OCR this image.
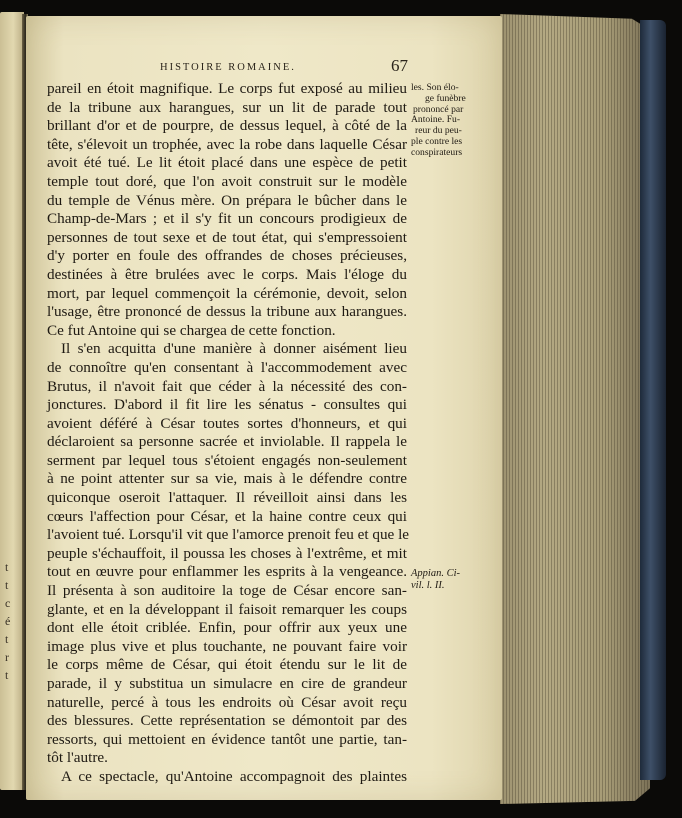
t
t
c
é
t
r
t
HISTOIRE ROMAINE.	67
pareil en étoit magnifique. Le corps fut exposé au milieu
de la tribune aux harangues, sur un lit de parade tout
brillant d'or et de pourpre, de dessus lequel, à côté de la
tête, s'élevoit un trophée, avec la robe dans laquelle César
avoit été tué. Le lit étoit placé dans une espèce de petit
temple tout doré, que l'on avoit construit sur le modèle
du temple de Vénus mère. On prépara le bûcher dans le
Champ-de-Mars ; et il s'y fit un concours prodigieux de
personnes de tout sexe et de tout état, qui s'empressoient
d'y porter en foule des offrandes de choses précieuses,
destinées à être brulées avec le corps. Mais l'éloge du
mort, par lequel commençoit la cérémonie, devoit, selon
l'usage, être prononcé de dessus la tribune aux harangues.
Ce fut Antoine qui se chargea de cette fonction.
Il s'en acquitta d'une manière à donner aisément lieu
de connoître qu'en consentant à l'accommodement avec
Brutus, il n'avoit fait que céder à la nécessité des con-
jonctures. D'abord il fit lire les sénatus - consultes qui
avoient déféré à César toutes sortes d'honneurs, et qui
déclaroient sa personne sacrée et inviolable. Il rappela le
serment par lequel tous s'étoient engagés non-seulement
à ne point attenter sur sa vie, mais à le défendre contre
quiconque oseroit l'attaquer. Il réveilloit ainsi dans les
cœurs l'affection pour César, et la haine contre ceux qui
l'avoient tué. Lorsqu'il vit que l'amorce prenoit feu et que le
peuple s'échauffoit, il poussa les choses à l'extrême, et mit
tout en œuvre pour enflammer les esprits à la vengeance.
Il présenta à son auditoire la toge de César encore san-
glante, et en la développant il faisoit remarquer les coups
dont elle étoit criblée. Enfin, pour offrir aux yeux une
image plus vive et plus touchante, ne pouvant faire voir
le corps même de César, qui étoit étendu sur le lit de
parade, il y substitua un simulacre en cire de grandeur
naturelle, percé à tous les endroits où César avoit reçu
des blessures. Cette représentation se démontoit par des
ressorts, qui mettoient en évidence tantôt une partie, tan-
tôt l'autre.
A ce spectacle, qu'Antoine accompagnoit des plaintes
les. Son élo-
ge funèbre
prononcé par
Antoine. Fu-
reur du peu-
ple contre les
conspirateurs
Appian. Ci-
vil. l. II.
